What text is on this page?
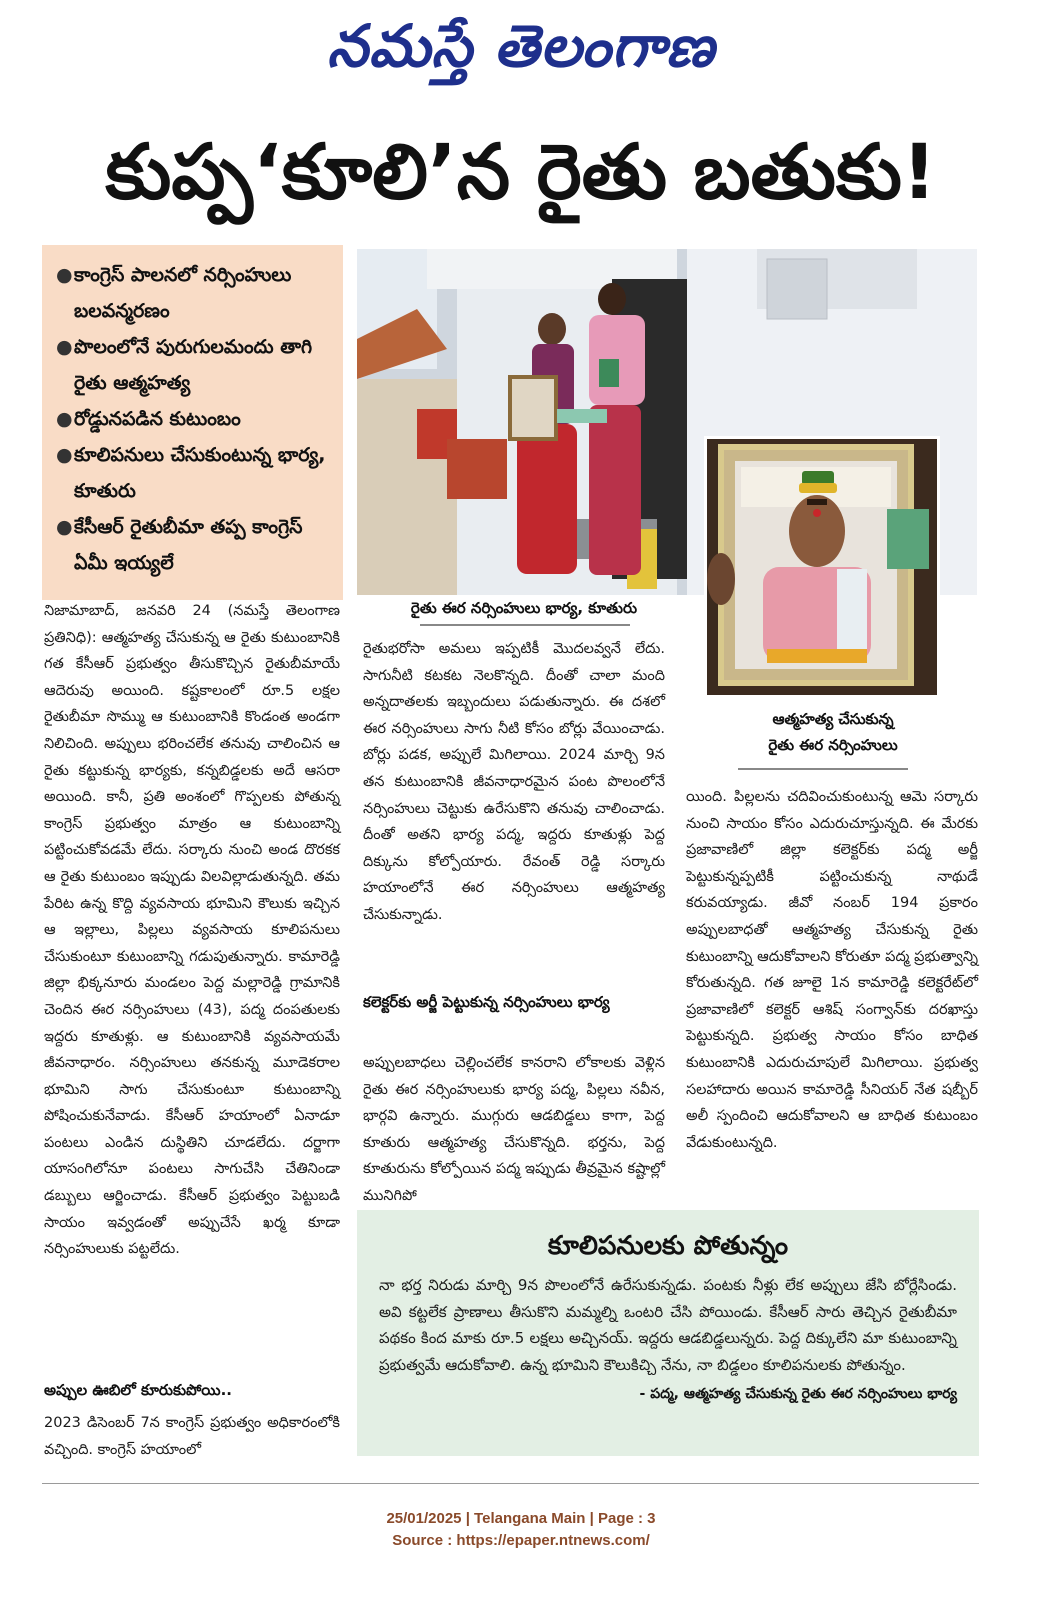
నమస్తే తెలంగాణ
కుప్ప‘కూలి’న రైతు బతుకు!

●కాంగ్రెస్ పాలనలో నర్సింహులు బలవన్మరణం

●పొలంలోనే పురుగులమందు తాగి రైతు ఆత్మహత్య

●రోడ్డునపడిన కుటుంబం

●కూలిపనులు చేసుకుంటున్న భార్య, కూతురు

●కేసీఆర్ రైతుబీమా తప్ప కాంగ్రెస్ ఏమీ ఇయ్యలే

రైతు ఈర నర్సింహులు భార్య, కూతురు
ఆత్మహత్య చేసుకున్న
రైతు ఈర నర్సింహులు

నిజామాబాద్, జనవరి 24 (నమస్తే తెలంగాణ ప్రతినిధి): ఆత్మహత్య చేసుకున్న ఆ రైతు కుటుంబానికి గత కేసీఆర్ ప్రభుత్వం తీసుకొచ్చిన రైతుబీమాయే ఆదెరువు అయింది. కష్టకాలంలో రూ.5 లక్షల రైతుబీమా సొమ్ము ఆ కుటుంబానికి కొండంత అండగా నిలిచింది. అప్పులు భరించలేక తనువు చాలించిన ఆ రైతు కట్టుకున్న భార్యకు, కన్నబిడ్డలకు అదే ఆసరా అయింది. కానీ, ప్రతి అంశంలో గొప్పలకు పోతున్న కాంగ్రెస్ ప్రభుత్వం మాత్రం ఆ కుటుంబాన్ని పట్టించుకోవడమే లేదు. సర్కారు నుంచి అండ దొరకక ఆ రైతు కుటుంబం ఇప్పుడు విలవిల్లాడుతున్నది. తమ పేరిట ఉన్న కొద్ది వ్యవసాయ భూమిని కౌలుకు ఇచ్చిన ఆ ఇల్లాలు, పిల్లలు వ్యవసాయ కూలిపనులు చేసుకుంటూ కుటుంబాన్ని గడుపుతున్నారు. కామారెడ్డి జిల్లా భిక్కనూరు మండలం పెద్ద మల్లారెడ్డి గ్రామానికి చెందిన ఈర నర్సింహులు (43), పద్మ దంపతులకు ఇద్దరు కూతుళ్లు. ఆ కుటుంబానికి వ్యవసాయమే జీవనాధారం. నర్సింహులు తనకున్న మూడెకరాల భూమిని సాగు చేసుకుంటూ కుటుంబాన్ని పోషించుకునేవాడు. కేసీఆర్ హయాంలో ఏనాడూ పంటలు ఎండిన దుస్థితిని చూడలేదు. దర్జాగా యాసంగిలోనూ పంటలు సాగుచేసి చేతినిండా డబ్బులు ఆర్జించాడు. కేసీఆర్ ప్రభుత్వం పెట్టుబడి సాయం ఇవ్వడంతో అప్పుచేసే ఖర్మ కూడా నర్సింహులుకు పట్టలేదు.

అప్పుల ఊబిలో కూరుకుపోయి..

2023 డిసెంబర్ 7న కాంగ్రెస్ ప్రభుత్వం అధికారంలోకి వచ్చింది. కాంగ్రెస్ హయాంలో

రైతుభరోసా అమలు ఇప్పటికీ మొదలవ్వనే లేదు. సాగునీటి కటకట నెలకొన్నది. దీంతో చాలా మంది అన్నదాతలకు ఇబ్బందులు పడుతున్నారు. ఈ దశలో ఈర నర్సింహులు సాగు నీటి కోసం బోర్లు వేయించాడు. బోర్లు పడక, అప్పులే మిగిలాయి. 2024 మార్చి 9న తన కుటుంబానికి జీవనాధారమైన పంట పొలంలోనే నర్సింహులు చెట్టుకు ఉరేసుకొని తనువు చాలించాడు. దీంతో అతని భార్య పద్మ, ఇద్దరు కూతుళ్లు పెద్ద దిక్కును కోల్పోయారు. రేవంత్ రెడ్డి సర్కారు హయాంలోనే ఈర నర్సింహులు ఆత్మహత్య చేసుకున్నాడు.

కలెక్టర్‌కు అర్జీ పెట్టుకున్న నర్సింహులు భార్య

అప్పులబాధలు చెల్లించలేక కానరాని లోకాలకు వెళ్లిన రైతు ఈర నర్సింహులుకు భార్య పద్మ, పిల్లలు నవీన, భార్గవి ఉన్నారు. ముగ్గురు ఆడబిడ్డలు కాగా, పెద్ద కూతురు ఆత్మహత్య చేసుకొన్నది. భర్తను, పెద్ద కూతురును కోల్పోయిన పద్మ ఇప్పుడు తీవ్రమైన కష్టాల్లో మునిగిపో

యింది. పిల్లలను చదివించుకుంటున్న ఆమె సర్కారు నుంచి సాయం కోసం ఎదురుచూస్తున్నది. ఈ మేరకు ప్రజావాణిలో జిల్లా కలెక్టర్‌కు పద్మ అర్జీ పెట్టుకున్నప్పటికీ పట్టించుకున్న నాథుడే కరువయ్యాడు. జీవో నంబర్ 194 ప్రకారం అప్పులబాధతో ఆత్మహత్య చేసుకున్న రైతు కుటుంబాన్ని ఆదుకోవాలని కోరుతూ పద్మ ప్రభుత్వాన్ని కోరుతున్నది. గత జూలై 1న కామారెడ్డి కలెక్టరేట్‌లో ప్రజావాణిలో కలెక్టర్ ఆశిష్ సంగ్వాన్‌కు దరఖాస్తు పెట్టుకున్నది. ప్రభుత్వ సాయం కోసం బాధిత కుటుంబానికి ఎదురుచూపులే మిగిలాయి. ప్రభుత్వ సలహాదారు అయిన కామారెడ్డి సీనియర్ నేత షబ్బీర్ అలీ స్పందించి ఆదుకోవాలని ఆ బాధిత కుటుంబం వేడుకుంటున్నది.

కూలిపనులకు పోతున్నం

నా భర్త నిరుడు మార్చి 9న పొలంలోనే ఉరేసుకున్నడు. పంటకు నీళ్లు లేక అప్పులు జేసి బోర్లేసిండు. అవి కట్టలేక ప్రాణాలు తీసుకొని మమ్మల్ని ఒంటరి చేసి పోయిండు. కేసీఆర్ సారు తెచ్చిన రైతుబీమా పథకం కింద మాకు రూ.5 లక్షలు అచ్చినయ్. ఇద్దరు ఆడబిడ్డలున్నరు. పెద్ద దిక్కులేని మా కుటుంబాన్ని ప్రభుత్వమే ఆదుకోవాలి. ఉన్న భూమిని కౌలుకిచ్చి నేను, నా బిడ్డలం కూలిపనులకు పోతున్నం.

- పద్మ, ఆత్మహత్య చేసుకున్న రైతు ఈర నర్సింహులు భార్య
25/01/2025 | Telangana Main | Page : 3
Source : https://epaper.ntnews.com/
